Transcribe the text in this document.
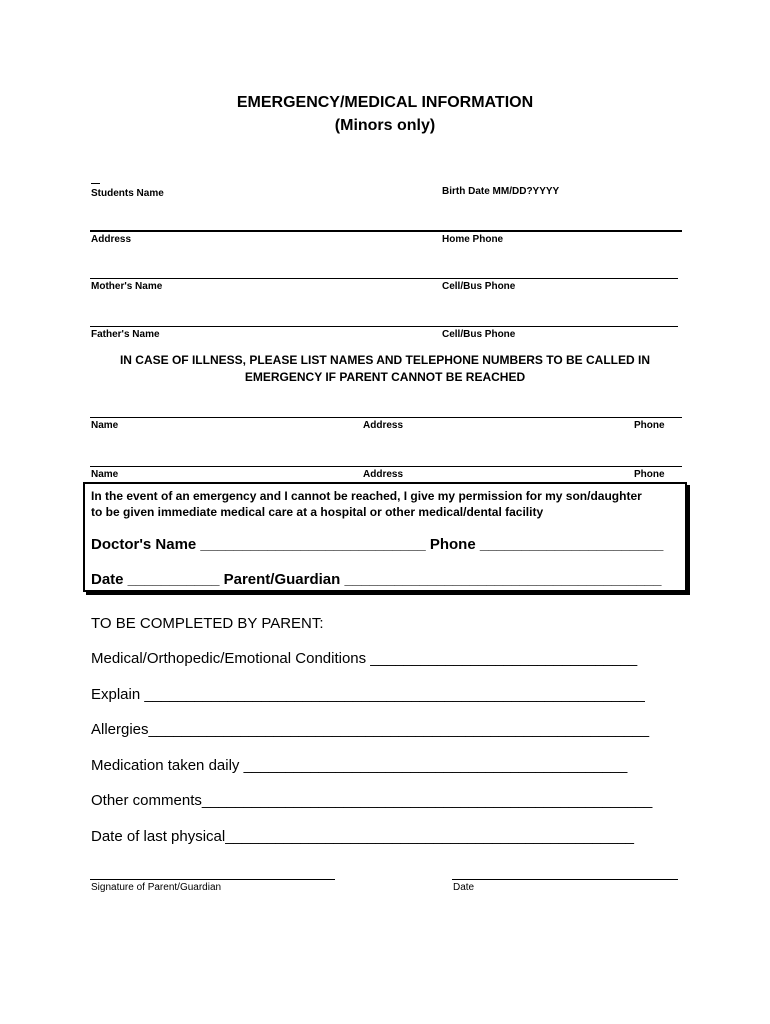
EMERGENCY/MEDICAL INFORMATION
(Minors only)
Students Name	Birth Date MM/DD?YYYY
Address	Home Phone
Mother's Name	Cell/Bus Phone
Father's Name	Cell/Bus Phone
IN CASE OF ILLNESS, PLEASE LIST NAMES AND TELEPHONE NUMBERS TO BE CALLED IN
EMERGENCY IF PARENT CANNOT BE REACHED
Name	Address	Phone
Name	Address	Phone
In the event of an emergency and I cannot be reached, I give my permission for my son/daughter
to be given immediate medical care at a hospital or other medical/dental facility
Doctor's Name ___________________________ Phone ______________________
Date ___________ Parent/Guardian ______________________________________
TO BE COMPLETED BY PARENT:
Medical/Orthopedic/Emotional Conditions ________________________________
Explain ____________________________________________________________
Allergies____________________________________________________________
Medication taken daily ______________________________________________
Other comments______________________________________________________
Date of last physical_________________________________________________
Signature of Parent/Guardian	Date
